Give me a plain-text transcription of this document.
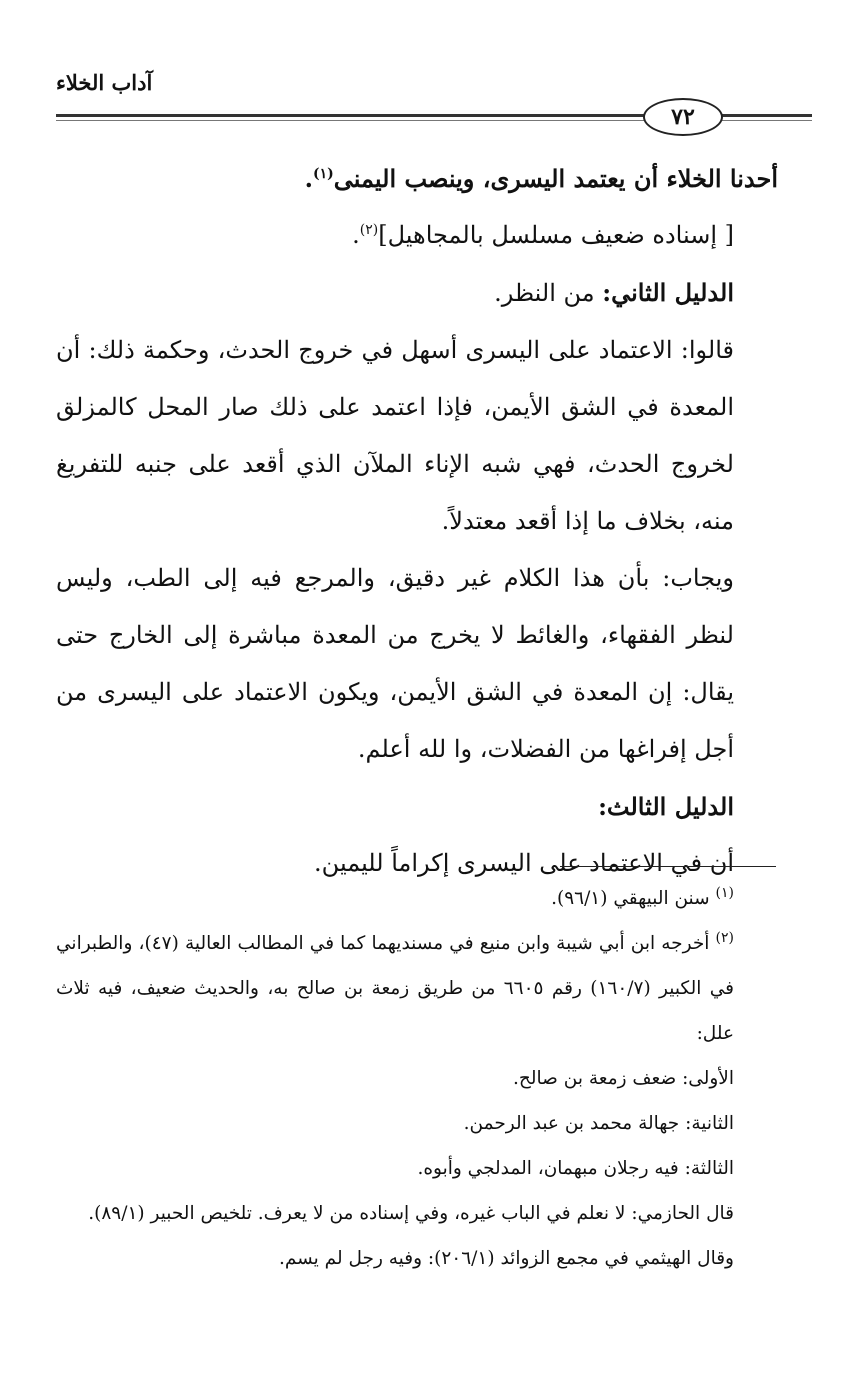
آداب الخلاء
٧٢

أحدنا الخلاء أن يعتمد اليسرى، وينصب اليمنى$^{(١)}$.

[ إسناده ضعيف مسلسل بالمجاهيل]$^{(٢)}$.

الدليل الثاني: من النظر.

قالوا: الاعتماد على اليسرى أسهل في خروج الحدث، وحكمة ذلك: أن المعدة في الشق الأيمن، فإذا اعتمد على ذلك صار المحل كالمزلق لخروج الحدث، فهي شبه الإناء الملآن الذي أقعد على جنبه للتفريغ منه، بخلاف ما إذا أقعد معتدلاً.

ويجاب: بأن هذا الكلام غير دقيق، والمرجع فيه إلى الطب، وليس لنظر الفقهاء، والغائط لا يخرج من المعدة مباشرة إلى الخارج حتى يقال: إن المعدة في الشق الأيمن، ويكون الاعتماد على اليسرى من أجل إفراغها من الفضلات، وا لله أعلم.

الدليل الثالث:

أن في الاعتماد على اليسرى إكراماً لليمين.

$^{(١)}$ سنن البيهقي (٩٦/١).

$^{(٢)}$ أخرجه ابن أبي شيبة وابن منيع في مسنديهما كما في المطالب العالية (٤٧)، والطبراني في الكبير (١٦٠/٧) رقم ٦٦٠٥ من طريق زمعة بن صالح به، والحديث ضعيف، فيه ثلاث علل:

الأولى: ضعف زمعة بن صالح.

الثانية: جهالة محمد بن عبد الرحمن.

الثالثة: فيه رجلان مبهمان، المدلجي وأبوه.

قال الحازمي: لا نعلم في الباب غيره، وفي إسناده من لا يعرف. تلخيص الحبير (٨٩/١).

وقال الهيثمي في مجمع الزوائد (٢٠٦/١): وفيه رجل لم يسم.
